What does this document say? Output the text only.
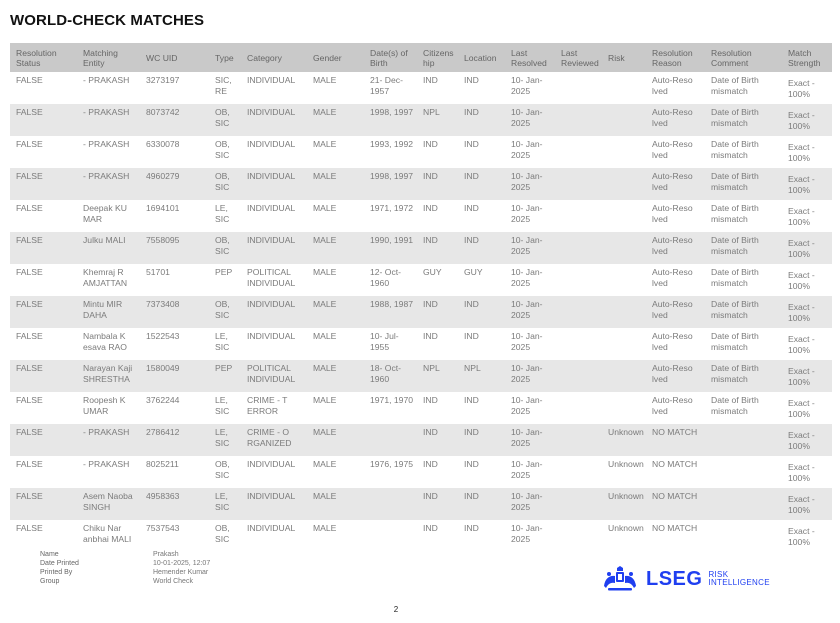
WORLD-CHECK MATCHES
Resolution Status	Matching Entity	WC UID	Type	Category	Gender	Date(s) of Birth	Citizens hip	Location	Last Resolved	Last Reviewed	Risk	Resolution Reason	Resolution Comment	Match Strength
FALSE	- PRAKASH	3273197	SIC, RE	INDIVIDUAL	MALE	21- Dec-1957	IND	IND	10- Jan-2025			Auto-Reso lved	Date of Birth mismatch	Exact - 100%
FALSE	- PRAKASH	8073742	OB, SIC	INDIVIDUAL	MALE	1998, 1997	NPL	IND	10- Jan-2025			Auto-Reso lved	Date of Birth mismatch	Exact - 100%
FALSE	- PRAKASH	6330078	OB, SIC	INDIVIDUAL	MALE	1993, 1992	IND	IND	10- Jan-2025			Auto-Reso lved	Date of Birth mismatch	Exact - 100%
FALSE	- PRAKASH	4960279	OB, SIC	INDIVIDUAL	MALE	1998, 1997	IND	IND	10- Jan-2025			Auto-Reso lved	Date of Birth mismatch	Exact - 100%
FALSE	Deepak KU MAR	1694101	LE, SIC	INDIVIDUAL	MALE	1971, 1972	IND	IND	10- Jan-2025			Auto-Reso lved	Date of Birth mismatch	Exact - 100%
FALSE	Julku MALI	7558095	OB, SIC	INDIVIDUAL	MALE	1990, 1991	IND	IND	10- Jan-2025			Auto-Reso lved	Date of Birth mismatch	Exact - 100%
FALSE	Khemraj R AMJATTAN	51701	PEP	POLITICAL INDIVIDUAL	MALE	12- Oct-1960	GUY	GUY	10- Jan-2025			Auto-Reso lved	Date of Birth mismatch	Exact - 100%
FALSE	Mintu MIR DAHA	7373408	OB, SIC	INDIVIDUAL	MALE	1988, 1987	IND	IND	10- Jan-2025			Auto-Reso lved	Date of Birth mismatch	Exact - 100%
FALSE	Nambala K esava RAO	1522543	LE, SIC	INDIVIDUAL	MALE	10- Jul-1955	IND	IND	10- Jan-2025			Auto-Reso lved	Date of Birth mismatch	Exact - 100%
FALSE	Narayan Kaji SHRESTHA	1580049	PEP	POLITICAL INDIVIDUAL	MALE	18- Oct-1960	NPL	NPL	10- Jan-2025			Auto-Reso lved	Date of Birth mismatch	Exact - 100%
FALSE	Roopesh K UMAR	3762244	LE, SIC	CRIME - T ERROR	MALE	1971, 1970	IND	IND	10- Jan-2025			Auto-Reso lved	Date of Birth mismatch	Exact - 100%
FALSE	- PRAKASH	2786412	LE, SIC	CRIME - O RGANIZED	MALE		IND	IND	10- Jan-2025		Unknown	NO MATCH		Exact - 100%
FALSE	- PRAKASH	8025211	OB, SIC	INDIVIDUAL	MALE	1976, 1975	IND	IND	10- Jan-2025		Unknown	NO MATCH		Exact - 100%
FALSE	Asem Naoba SINGH	4958363	LE, SIC	INDIVIDUAL	MALE		IND	IND	10- Jan-2025		Unknown	NO MATCH		Exact - 100%
FALSE	Chiku Nar anbhai MALI	7537543	OB, SIC	INDIVIDUAL	MALE		IND	IND	10- Jan-2025		Unknown	NO MATCH		Exact - 100%
Name	Prakash
Date Printed	10-01-2025, 12:07
Printed By	Hemender Kumar
Group	World Check	LSEG RISK
INTELLIGENCE
2
